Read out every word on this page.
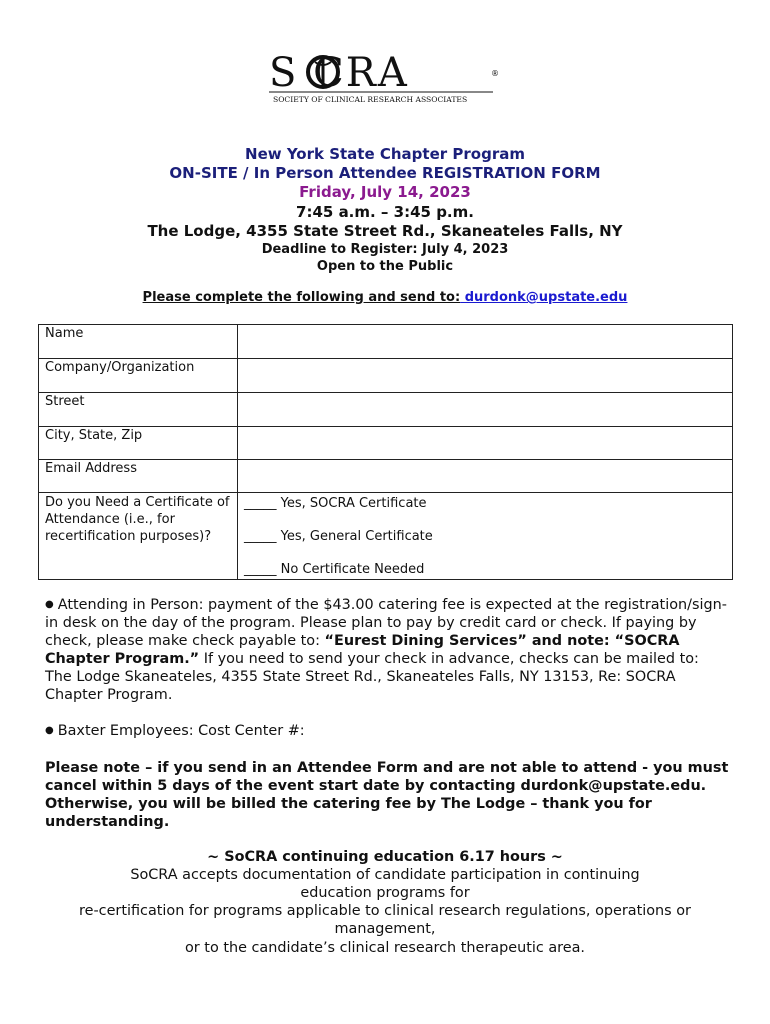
S CRA	®
SOCIETY OF CLINICAL RESEARCH ASSOCIATES
New York State Chapter Program
ON-SITE / In Person Attendee REGISTRATION FORM
Friday, July 14, 2023
7:45 a.m. – 3:45 p.m.
The Lodge, 4355 State Street Rd., Skaneateles Falls, NY
Deadline to Register: July 4, 2023
Open to the Public
Please complete the following and send to: durdonk@upstate.edu
Name	
Company/Organization	
Street	
City, State, Zip	
Email Address	
Do you Need a Certificate of Attendance (i.e., for recertification purposes)?	_____ Yes, SOCRA Certificate
_____ Yes, General Certificate
_____ No Certificate Needed
● Attending in Person: payment of the $43.00 catering fee is expected at the registration/sign-in desk on the day of the program. Please plan to pay by credit card or check. If paying by check, please make check payable to: “Eurest Dining Services” and note: “SOCRA Chapter Program.” If you need to send your check in advance, checks can be mailed to: The Lodge Skaneateles, 4355 State Street Rd., Skaneateles Falls, NY 13153, Re: SOCRA Chapter Program.
● Baxter Employees: Cost Center #:
Please note – if you send in an Attendee Form and are not able to attend - you must cancel within 5 days of the event start date by contacting durdonk@upstate.edu. Otherwise, you will be billed the catering fee by The Lodge – thank you for understanding.
~ SoCRA continuing education 6.17 hours ~
SoCRA accepts documentation of candidate participation in continuing education programs for
re-certification for programs applicable to clinical research regulations, operations or management,
or to the candidate’s clinical research therapeutic area.
